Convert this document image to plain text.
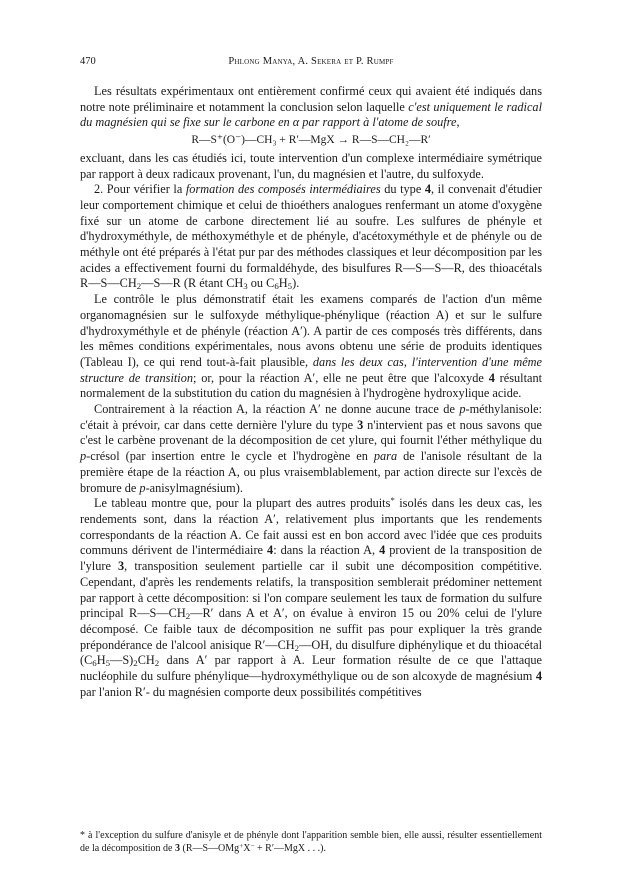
470	Phlong Manya, A. Sekera et P. Rumpf

Les résultats expérimentaux ont entièrement confirmé ceux qui avaient été indiqués dans notre note préliminaire et notamment la conclusion selon laquelle c'est uniquement le radical du magnésien qui se fixe sur le carbone en α par rapport à l'atome de soufre,

R—S⁺(O⁻)—CH₃ + R′—MgX → R—S—CH₂—R′

excluant, dans les cas étudiés ici, toute intervention d'un complexe intermédiaire symétrique par rapport à deux radicaux provenant, l'un, du magnésien et l'autre, du sulfoxyde.

2. Pour vérifier la formation des composés intermédiaires du type 4, il convenait d'étudier leur comportement chimique et celui de thioéthers analogues renfermant un atome d'oxygène fixé sur un atome de carbone directement lié au soufre. Les sulfures de phényle et d'hydroxyméthyle, de méthoxyméthyle et de phényle, d'acétoxyméthyle et de phényle ou de méthyle ont été préparés à l'état pur par des méthodes classiques et leur décomposition par les acides a effectivement fourni du formaldéhyde, des bisulfures R—S—S—R, des thioacétals $R—S—CH_2—S—R$ (R étant $CH_3$ ou $C_6H_5$).

Le contrôle le plus démonstratif était les examens comparés de l'action d'un même organomagnésien sur le sulfoxyde méthylique-phénylique (réaction A) et sur le sulfure d'hydroxyméthyle et de phényle (réaction A′). A partir de ces composés très différents, dans les mêmes conditions expérimentales, nous avons obtenu une série de produits identiques (Tableau I), ce qui rend tout-à-fait plausible, dans les deux cas, l'intervention d'une même structure de transition; or, pour la réaction A′, elle ne peut être que l'alcoxyde 4 résultant normalement de la substitution du cation du magnésien à l'hydrogène hydroxylique acide.

Contrairement à la réaction A, la réaction A′ ne donne aucune trace de p-méthylanisole: c'était à prévoir, car dans cette dernière l'ylure du type 3 n'intervient pas et nous savons que c'est le carbène provenant de la décomposition de cet ylure, qui fournit l'éther méthylique du p-crésol (par insertion entre le cycle et l'hydrogène en para de l'anisole résultant de la première étape de la réaction A, ou plus vraisemblablement, par action directe sur l'excès de bromure de p-anisylmagnésium).

Le tableau montre que, pour la plupart des autres produits* isolés dans les deux cas, les rendements sont, dans la réaction A′, relativement plus importants que les rendements correspondants de la réaction A. Ce fait aussi est en bon accord avec l'idée que ces produits communs dérivent de l'intermédiaire 4: dans la réaction A, 4 provient de la transposition de l'ylure 3, transposition seulement partielle car il subit une décomposition compétitive. Cependant, d'après les rendements relatifs, la transposition semblerait prédominer nettement par rapport à cette décomposition: si l'on compare seulement les taux de formation du sulfure principal $R—S—CH_2—R'$ dans A et A′, on évalue à environ 15 ou 20% celui de l'ylure décomposé. Ce faible taux de décomposition ne suffit pas pour expliquer la très grande prépondérance de l'alcool anisique $R'—CH_2—OH$, du disulfure diphénylique et du thioacétal $(C_6H_5—S)_2CH_2$ dans A′ par rapport à A. Leur formation résulte de ce que l'attaque nucléophile du sulfure phénylique—hydroxyméthylique ou de son alcoxyde de magnésium 4 par l'anion R′- du magnésien comporte deux possibilités compétitives

* à l'exception du sulfure d'anisyle et de phényle dont l'apparition semble bien, elle aussi, résulter essentiellement de la décomposition de 3 (R—S—OMg+X− + R′—MgX . . .).
